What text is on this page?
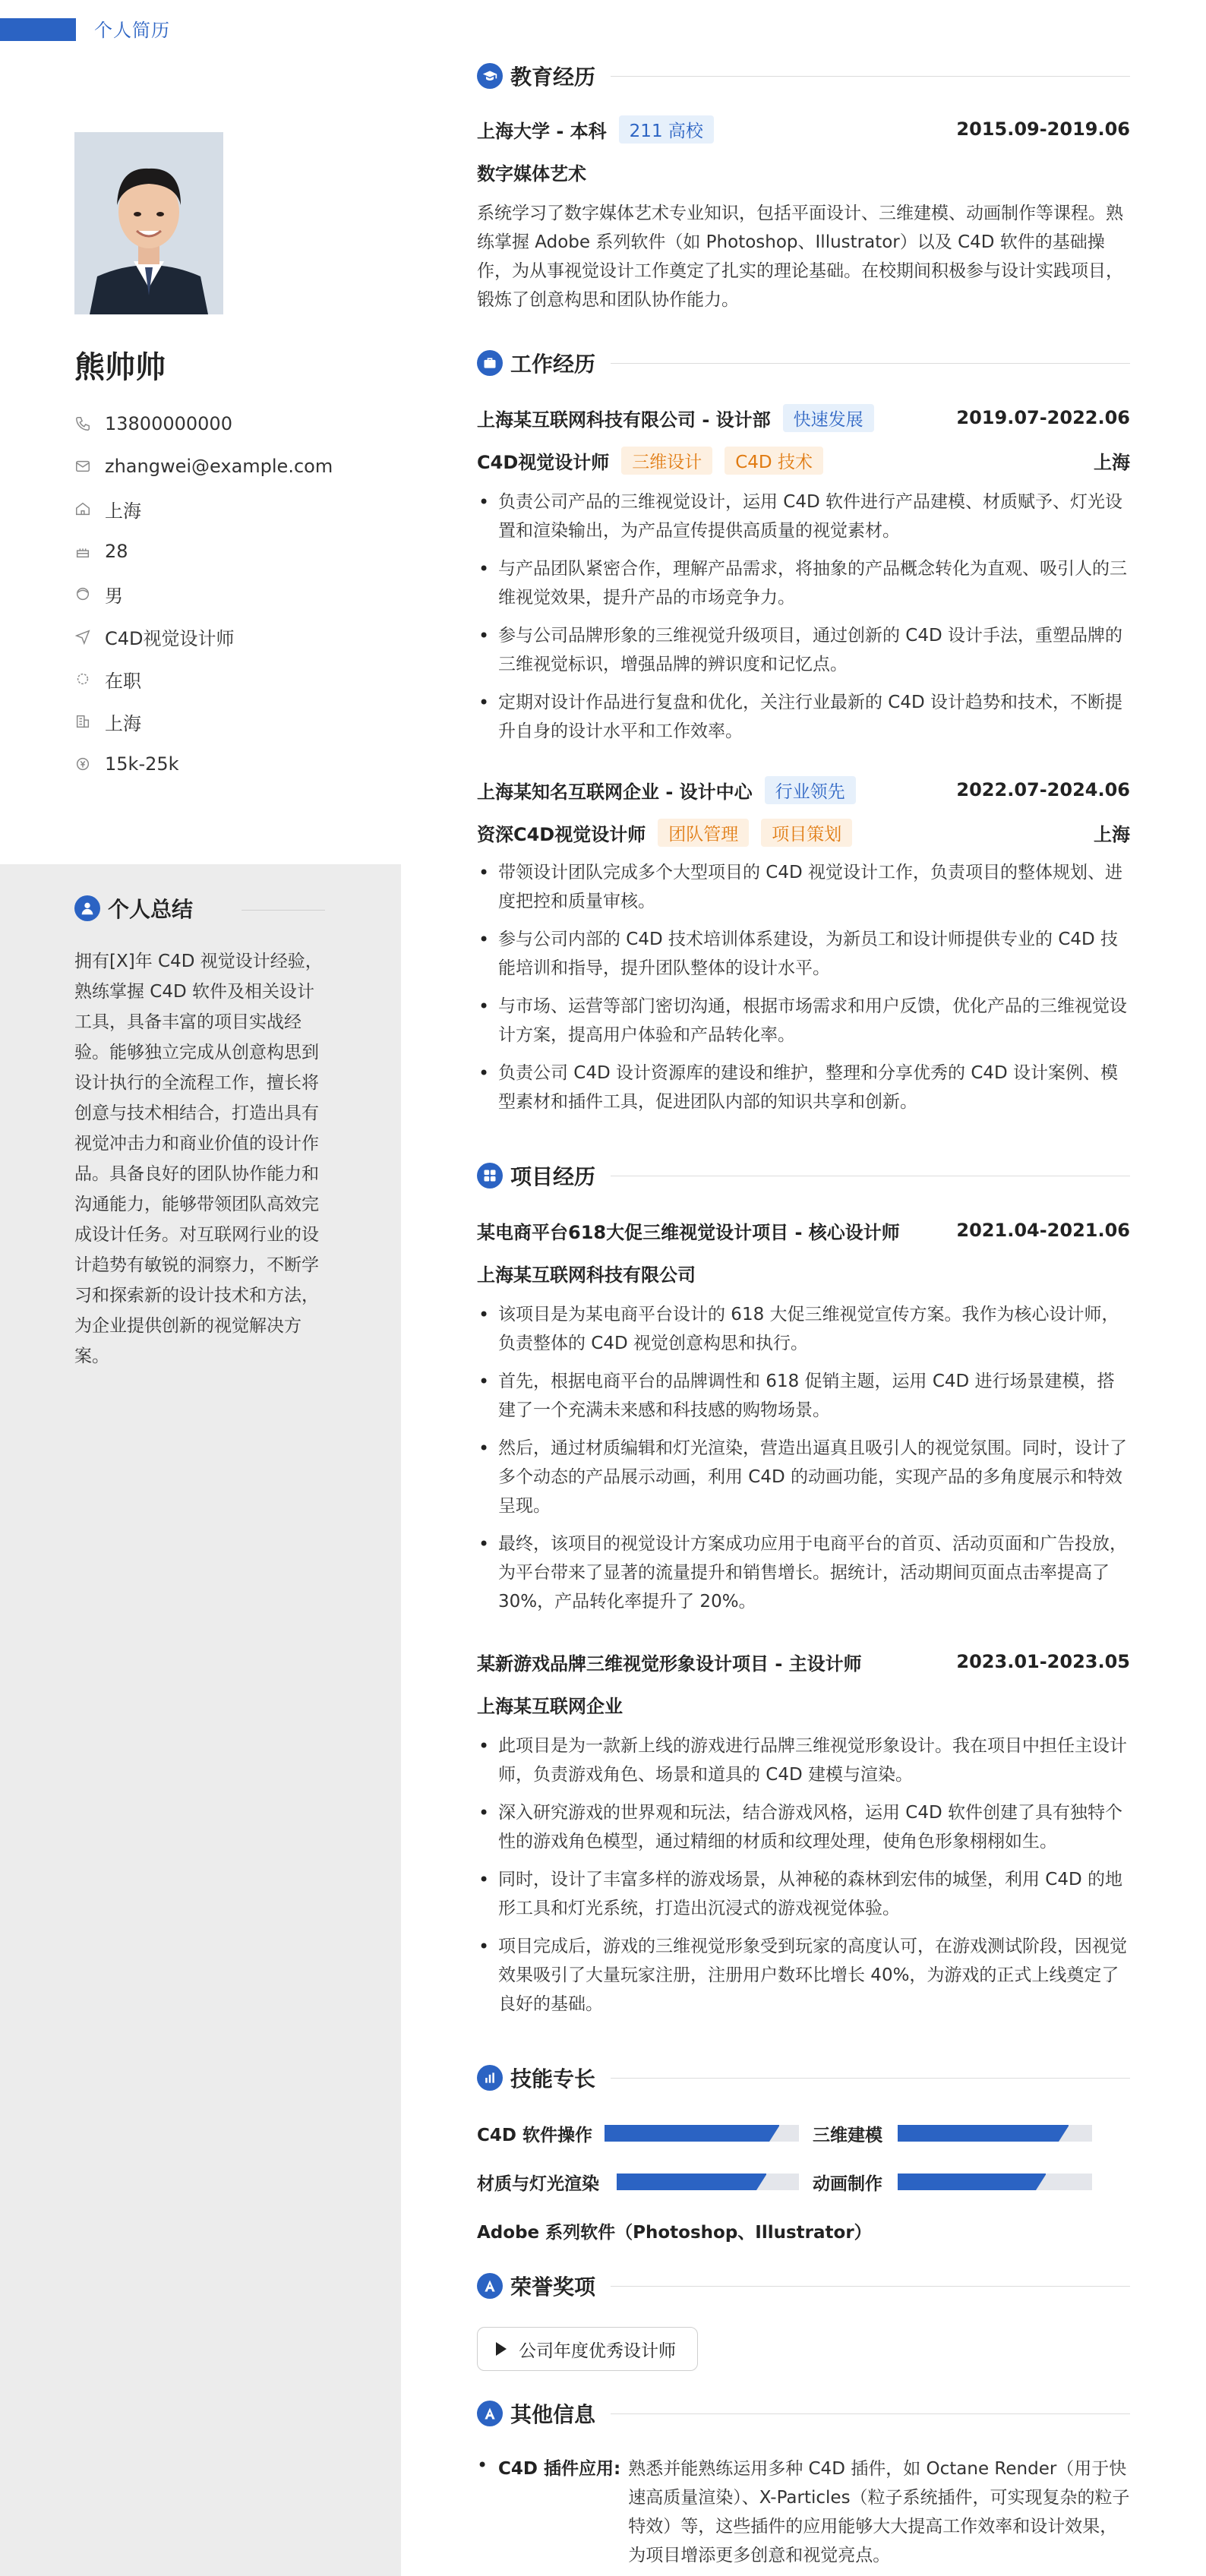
个人简历
熊帅帅
13800000000
zhangwei@example.com
上海
28
男
C4D视觉设计师
在职
上海
15k-25k
个人总结
拥有[X]年 C4D 视觉设计经验，熟练掌握 C4D 软件及相关设计工具，具备丰富的项目实战经验。能够独立完成从创意构思到设计执行的全流程工作，擅长将创意与技术相结合，打造出具有视觉冲击力和商业价值的设计作品。具备良好的团队协作能力和沟通能力，能够带领团队高效完成设计任务。对互联网行业的设计趋势有敏锐的洞察力，不断学习和探索新的设计技术和方法，为企业提供创新的视觉解决方案。
教育经历
上海大学 - 本科	211 高校	2015.09-2019.06
数字媒体艺术
系统学习了数字媒体艺术专业知识，包括平面设计、三维建模、动画制作等课程。熟练掌握 Adobe 系列软件（如 Photoshop、Illustrator）以及 C4D 软件的基础操作，为从事视觉设计工作奠定了扎实的理论基础。在校期间积极参与设计实践项目，锻炼了创意构思和团队协作能力。
工作经历
上海某互联网科技有限公司 - 设计部	快速发展	2019.07-2022.06
C4D视觉设计师	三维设计	C4D 技术	上海
• 负责公司产品的三维视觉设计，运用 C4D 软件进行产品建模、材质赋予、灯光设置和渲染输出，为产品宣传提供高质量的视觉素材。
• 与产品团队紧密合作，理解产品需求，将抽象的产品概念转化为直观、吸引人的三维视觉效果，提升产品的市场竞争力。
• 参与公司品牌形象的三维视觉升级项目，通过创新的 C4D 设计手法，重塑品牌的三维视觉标识，增强品牌的辨识度和记忆点。
• 定期对设计作品进行复盘和优化，关注行业最新的 C4D 设计趋势和技术，不断提升自身的设计水平和工作效率。
上海某知名互联网企业 - 设计中心	行业领先	2022.07-2024.06
资深C4D视觉设计师	团队管理	项目策划	上海
• 带领设计团队完成多个大型项目的 C4D 视觉设计工作，负责项目的整体规划、进度把控和质量审核。
• 参与公司内部的 C4D 技术培训体系建设，为新员工和设计师提供专业的 C4D 技能培训和指导，提升团队整体的设计水平。
• 与市场、运营等部门密切沟通，根据市场需求和用户反馈，优化产品的三维视觉设计方案，提高用户体验和产品转化率。
• 负责公司 C4D 设计资源库的建设和维护，整理和分享优秀的 C4D 设计案例、模型素材和插件工具，促进团队内部的知识共享和创新。
项目经历
某电商平台618大促三维视觉设计项目 - 核心设计师	2021.04-2021.06
上海某互联网科技有限公司
• 该项目是为某电商平台设计的 618 大促三维视觉宣传方案。我作为核心设计师，负责整体的 C4D 视觉创意构思和执行。
• 首先，根据电商平台的品牌调性和 618 促销主题，运用 C4D 进行场景建模，搭建了一个充满未来感和科技感的购物场景。
• 然后，通过材质编辑和灯光渲染，营造出逼真且吸引人的视觉氛围。同时，设计了多个动态的产品展示动画，利用 C4D 的动画功能，实现产品的多角度展示和特效呈现。
• 最终，该项目的视觉设计方案成功应用于电商平台的首页、活动页面和广告投放，为平台带来了显著的流量提升和销售增长。据统计，活动期间页面点击率提高了 30%，产品转化率提升了 20%。
某新游戏品牌三维视觉形象设计项目 - 主设计师	2023.01-2023.05
上海某互联网企业
• 此项目是为一款新上线的游戏进行品牌三维视觉形象设计。我在项目中担任主设计师，负责游戏角色、场景和道具的 C4D 建模与渲染。
• 深入研究游戏的世界观和玩法，结合游戏风格，运用 C4D 软件创建了具有独特个性的游戏角色模型，通过精细的材质和纹理处理，使角色形象栩栩如生。
• 同时，设计了丰富多样的游戏场景，从神秘的森林到宏伟的城堡，利用 C4D 的地形工具和灯光系统，打造出沉浸式的游戏视觉体验。
• 项目完成后，游戏的三维视觉形象受到玩家的高度认可，在游戏测试阶段，因视觉效果吸引了大量玩家注册，注册用户数环比增长 40%，为游戏的正式上线奠定了良好的基础。
技能专长
C4D 软件操作	三维建模
材质与灯光渲染	动画制作
Adobe 系列软件（Photoshop、Illustrator）
荣誉奖项
公司年度优秀设计师
其他信息
• C4D 插件应用: 熟悉并能熟练运用多种 C4D 插件，如 Octane Render（用于快速高质量渲染）、X-Particles（粒子系统插件，可实现复杂的粒子特效）等，这些插件的应用能够大大提高工作效率和设计效果，为项目增添更多创意和视觉亮点。
